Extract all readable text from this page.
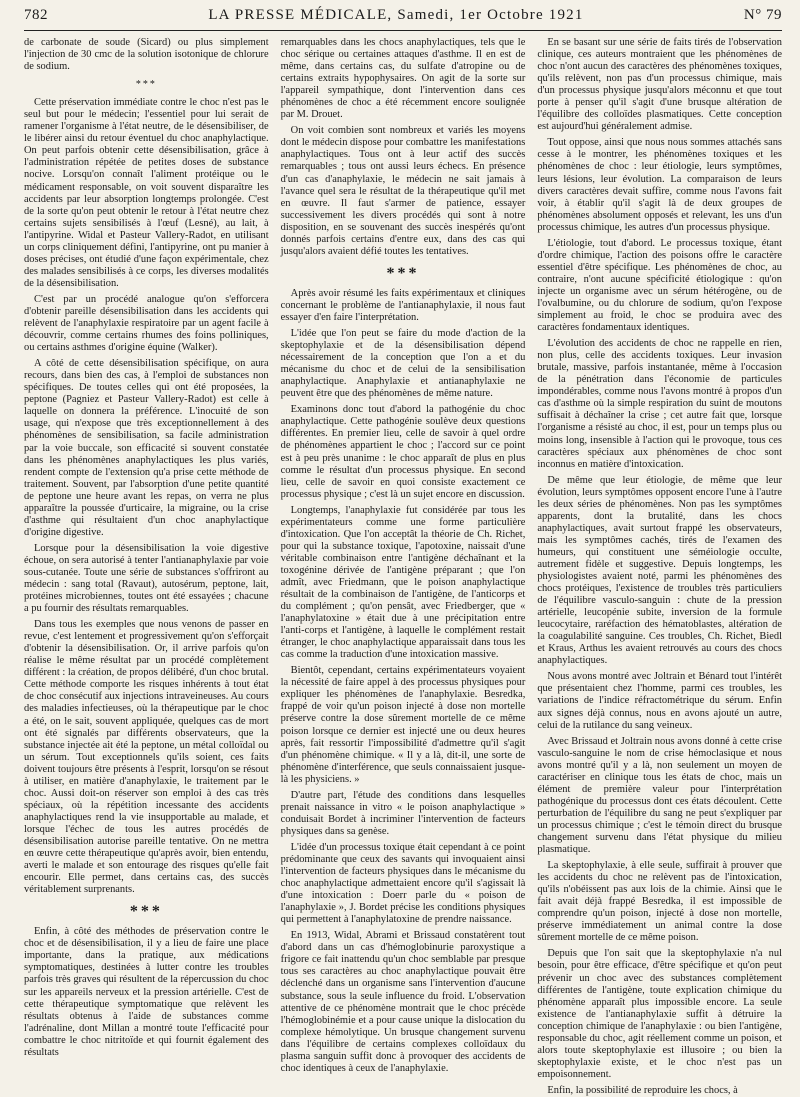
782	LA PRESSE MÉDICALE, Samedi, 1er Octobre 1921	N° 79

de carbonate de soude (Sicard) ou plus simplement l'injection de 30 cmc de la solution isotonique de chlorure de sodium.

***

Cette préservation immédiate contre le choc n'est pas le seul but pour le médecin; l'essentiel pour lui serait de ramener l'organisme à l'état neutre, de le désensibiliser, de le libérer ainsi du retour éventuel du choc anaphylactique. On peut parfois obtenir cette désensibilisation, grâce à l'administration répétée de petites doses de substance nocive. Lorsqu'on connaît l'aliment protéique ou le médicament responsable, on voit souvent disparaître les accidents par leur absorption longtemps prolongée. C'est de la sorte qu'on peut obtenir le retour à l'état neutre chez certains sujets sensibilisés à l'œuf (Lesné), au lait, à l'antipyrine. Widal et Pasteur Vallery-Radot, en utilisant un corps cliniquement défini, l'antipyrine, ont pu manier à doses précises, ont étudié d'une façon expérimentale, chez des malades sensibilisés à ce corps, les diverses modalités de la désensibilisation.

C'est par un procédé analogue qu'on s'efforcera d'obtenir pareille désensibilisation dans les accidents qui relèvent de l'anaphylaxie respiratoire par un agent facile à découvrir, comme certains rhumes des foins polliniques, ou certains asthmes d'origine équine (Walker).

A côté de cette désensibilisation spécifique, on aura recours, dans bien des cas, à l'emploi de substances non spécifiques. De toutes celles qui ont été proposées, la peptone (Pagniez et Pasteur Vallery-Radot) est celle à laquelle on donnera la préférence. L'inocuité de son usage, qui n'expose que très exceptionnellement à des phénomènes de sensibilisation, sa facile administration par la voie buccale, son efficacité si souvent constatée dans les phénomènes anaphylactiques les plus variés, rendent compte de l'extension qu'a prise cette méthode de traitement. Souvent, par l'absorption d'une petite quantité de peptone une heure avant les repas, on verra ne plus apparaître la poussée d'urticaire, la migraine, ou la crise d'asthme qui résultaient d'un choc anaphylactique d'origine digestive.

Lorsque pour la désensibilisation la voie digestive échoue, on sera autorisé à tenter l'antianaphylaxie par voie sous-cutanée. Toute une série de substances s'offriront au médecin : sang total (Ravaut), autosérum, peptone, lait, protéines microbiennes, toutes ont été essayées ; chacune a pu fournir des résultats remarquables.

Dans tous les exemples que nous venons de passer en revue, c'est lentement et progressivement qu'on s'efforçait d'obtenir la désensibilisation. Or, il arrive parfois qu'on réalise le même résultat par un procédé complètement différent : la création, de propos délibéré, d'un choc brutal. Cette méthode comporte les risques inhérents à tout état de choc consécutif aux injections intraveineuses. Au cours des maladies infectieuses, où la thérapeutique par le choc a été, on le sait, souvent appliquée, quelques cas de mort ont été signalés par différents observateurs, que la substance injectée ait été la peptone, un métal colloïdal ou un sérum. Tout exceptionnels qu'ils soient, ces faits doivent toujours être présents à l'esprit, lorsqu'on se résout à utiliser, en matière d'anaphylaxie, le traitement par le choc. Aussi doit-on réserver son emploi à des cas très spéciaux, où la répétition incessante des accidents anaphylactiques rend la vie insupportable au malade, et lorsque l'échec de tous les autres procédés de désensibilisation autorise pareille tentative. On ne mettra en œuvre cette thérapeutique qu'après avoir, bien entendu, averti le malade et son entourage des risques qu'elle fait encourir. Elle permet, dans certains cas, des succès véritablement surprenants.

***

Enfin, à côté des méthodes de préservation contre le choc et de désensibilisation, il y a lieu de faire une place importante, dans la pratique, aux médications symptomatiques, destinées à lutter contre les troubles parfois très graves qui résultent de la répercussion du choc sur les appareils nerveux et la pression artérielle. C'est de cette thérapeutique symptomatique que relèvent les résultats obtenus à l'aide de substances comme l'adrénaline, dont Millan a montré toute l'efficacité pour combattre le choc nitritoïde et qui fournit également des résultats

remarquables dans les chocs anaphylactiques, tels que le choc sérique ou certaines attaques d'asthme. Il en est de même, dans certains cas, du sulfate d'atropine ou de certains extraits hypophysaires. On agit de la sorte sur l'appareil sympathique, dont l'intervention dans ces phénomènes de choc a été récemment encore soulignée par M. Drouet.

On voit combien sont nombreux et variés les moyens dont le médecin dispose pour combattre les manifestations anaphylactiques. Tous ont à leur actif des succès remarquables ; tous ont aussi leurs échecs. En présence d'un cas d'anaphylaxie, le médecin ne sait jamais à l'avance quel sera le résultat de la thérapeutique qu'il met en œuvre. Il faut s'armer de patience, essayer successivement les divers procédés qui sont à notre disposition, en se souvenant des succès inespérés qu'ont donnés parfois certains d'entre eux, dans des cas qui jusqu'alors avaient défié toutes les tentatives.

***

Après avoir résumé les faits expérimentaux et cliniques concernant le problème de l'antianaphylaxie, il nous faut essayer d'en faire l'interprétation.

L'idée que l'on peut se faire du mode d'action de la skeptophylaxie et de la désensibilisation dépend nécessairement de la conception que l'on a et du mécanisme du choc et de celui de la sensibilisation anaphylactique. Anaphylaxie et antianaphylaxie ne peuvent être que des phénomènes de même nature.

Examinons donc tout d'abord la pathogénie du choc anaphylactique. Cette pathogénie soulève deux questions différentes. En premier lieu, celle de savoir à quel ordre de phénomènes appartient le choc ; l'accord sur ce point est à peu près unanime : le choc apparaît de plus en plus comme le résultat d'un processus physique. En second lieu, celle de savoir en quoi consiste exactement ce processus physique ; c'est là un sujet encore en discussion.

Longtemps, l'anaphylaxie fut considérée par tous les expérimentateurs comme une forme particulière d'intoxication. Que l'on acceptât la théorie de Ch. Richet, pour qui la substance toxique, l'apotoxine, naissait d'une véritable combinaison entre l'antigène déchaînant et la toxogénine dérivée de l'antigène préparant ; que l'on admît, avec Friedmann, que le poison anaphylactique résultait de la combinaison de l'antigène, de l'anticorps et du complément ; qu'on pensât, avec Friedberger, que « l'anaphylatoxine » était due à une précipitation entre l'anti-corps et l'antigène, à laquelle le complément restait étranger, le choc anaphylactique apparaissait dans tous les cas comme la traduction d'une intoxication massive.

Bientôt, cependant, certains expérimentateurs voyaient la nécessité de faire appel à des processus physiques pour expliquer les phénomènes de l'anaphylaxie. Besredka, frappé de voir qu'un poison injecté à dose non mortelle préserve contre la dose sûrement mortelle de ce même poison lorsque ce dernier est injecté une ou deux heures après, fait ressortir l'impossibilité d'admettre qu'il s'agit d'un phénomène chimique. « Il y a là, dit-il, une sorte de phénomène d'interférence, que seuls connaissaient jusque-là les physiciens. »

D'autre part, l'étude des conditions dans lesquelles prenait naissance in vitro « le poison anaphylactique » conduisait Bordet à incriminer l'intervention de facteurs physiques dans sa genèse.

L'idée d'un processus toxique était cependant à ce point prédominante que ceux des savants qui invoquaient ainsi l'intervention de facteurs physiques dans le mécanisme du choc anaphylactique admettaient encore qu'il s'agissait là d'une intoxication : Doerr parle du « poison de l'anaphylaxie », J. Bordet précise les conditions physiques qui permettent à l'anaphylatoxine de prendre naissance.

En 1913, Widal, Abrami et Brissaud constatèrent tout d'abord dans un cas d'hémoglobinurie paroxystique a frigore ce fait inattendu qu'un choc semblable par presque tous ses caractères au choc anaphylactique pouvait être déclenché dans un organisme sans l'intervention d'aucune substance, sous la seule influence du froid. L'observation attentive de ce phénomène montrait que le choc précède l'hémoglobinémie et a pour cause unique la dislocation du complexe hémolytique. Un brusque changement survenu dans l'équilibre de certains complexes colloïdaux du plasma sanguin suffit donc à provoquer des accidents de choc identiques à ceux de l'anaphylaxie.

En se basant sur une série de faits tirés de l'observation clinique, ces auteurs montraient que les phénomènes de choc n'ont aucun des caractères des phénomènes toxiques, qu'ils relèvent, non pas d'un processus chimique, mais d'un processus physique jusqu'alors méconnu et que tout porte à penser qu'il s'agit d'une brusque altération de l'équilibre des colloïdes plasmatiques. Cette conception est aujourd'hui généralement admise.

Tout oppose, ainsi que nous nous sommes attachés sans cesse à le montrer, les phénomènes toxiques et les phénomènes de choc : leur étiologie, leurs symptômes, leurs lésions, leur évolution. La comparaison de leurs divers caractères devait suffire, comme nous l'avons fait voir, à établir qu'il s'agit là de deux groupes de phénomènes absolument opposés et relevant, les uns d'un processus chimique, les autres d'un processus physique.

L'étiologie, tout d'abord. Le processus toxique, étant d'ordre chimique, l'action des poisons offre le caractère essentiel d'être spécifique. Les phénomènes de choc, au contraire, n'ont aucune spécificité étiologique : qu'on injecte un organisme avec un sérum hétérogène, ou de l'ovalbumine, ou du chlorure de sodium, qu'on l'expose simplement au froid, le choc se produira avec des caractères fondamentaux identiques.

L'évolution des accidents de choc ne rappelle en rien, non plus, celle des accidents toxiques. Leur invasion brutale, massive, parfois instantanée, même à l'occasion de la pénétration dans l'économie de particules impondérables, comme nous l'avons montré à propos d'un cas d'asthme où la simple respiration du suint de moutons suffisait à déchaîner la crise ; cet autre fait que, lorsque l'organisme a résisté au choc, il est, pour un temps plus ou moins long, insensible à l'action qui le provoque, tous ces caractères spéciaux aux phénomènes de choc sont inconnus en matière d'intoxication.

De même que leur étiologie, de même que leur évolution, leurs symptômes opposent encore l'une à l'autre les deux séries de phénomènes. Non pas les symptômes apparents, dont la brutalité, dans les chocs anaphylactiques, avait surtout frappé les observateurs, mais les symptômes cachés, tirés de l'examen des humeurs, qui constituent une séméiologie occulte, autrement fidèle et suggestive. Depuis longtemps, les physiologistes avaient noté, parmi les phénomènes des chocs protéiques, l'existence de troubles très particuliers de l'équilibre vasculo-sanguin : chute de la pression artérielle, leucopénie subite, inversion de la formule leucocytaire, raréfaction des hématoblastes, altération de la coagulabilité sanguine. Ces troubles, Ch. Richet, Biedl et Kraus, Arthus les avaient retrouvés au cours des chocs anaphylactiques.

Nous avons montré avec Joltrain et Bénard tout l'intérêt que présentaient chez l'homme, parmi ces troubles, les variations de l'indice réfractométrique du sérum. Enfin aux signes déjà connus, nous en avons ajouté un autre, celui de la rutilance du sang veineux.

Avec Brissaud et Joltrain nous avons donné à cette crise vasculo-sanguine le nom de crise hémoclasique et nous avons montré qu'il y a là, non seulement un moyen de caractériser en clinique tous les états de choc, mais un élément de première valeur pour l'interprétation pathogénique du processus dont ces états découlent. Cette perturbation de l'équilibre du sang ne peut s'expliquer par un processus chimique ; c'est le témoin direct du brusque changement survenu dans l'état physique du milieu plasmatique.

La skeptophylaxie, à elle seule, suffirait à prouver que les accidents du choc ne relèvent pas de l'intoxication, qu'ils n'obéissent pas aux lois de la chimie. Ainsi que le fait avait déjà frappé Besredka, il est impossible de comprendre qu'un poison, injecté à dose non mortelle, préserve immédiatement un animal contre la dose sûrement mortelle de ce même poison.

Depuis que l'on sait que la skeptophylaxie n'a nul besoin, pour être efficace, d'être spécifique et qu'on peut prévenir un choc avec des substances complètement différentes de l'antigène, toute explication chimique du phénomène apparaît plus impossible encore. La seule existence de l'antianaphylaxie suffit à détruire la conception chimique de l'anaphylaxie : ou bien l'antigène, responsable du choc, agit réellement comme un poison, et alors toute skeptophylaxie est illusoire ; ou bien la skeptophylaxie existe, et le choc n'est pas un empoisonnement.

Enfin, la possibilité de reproduire les chocs, à
